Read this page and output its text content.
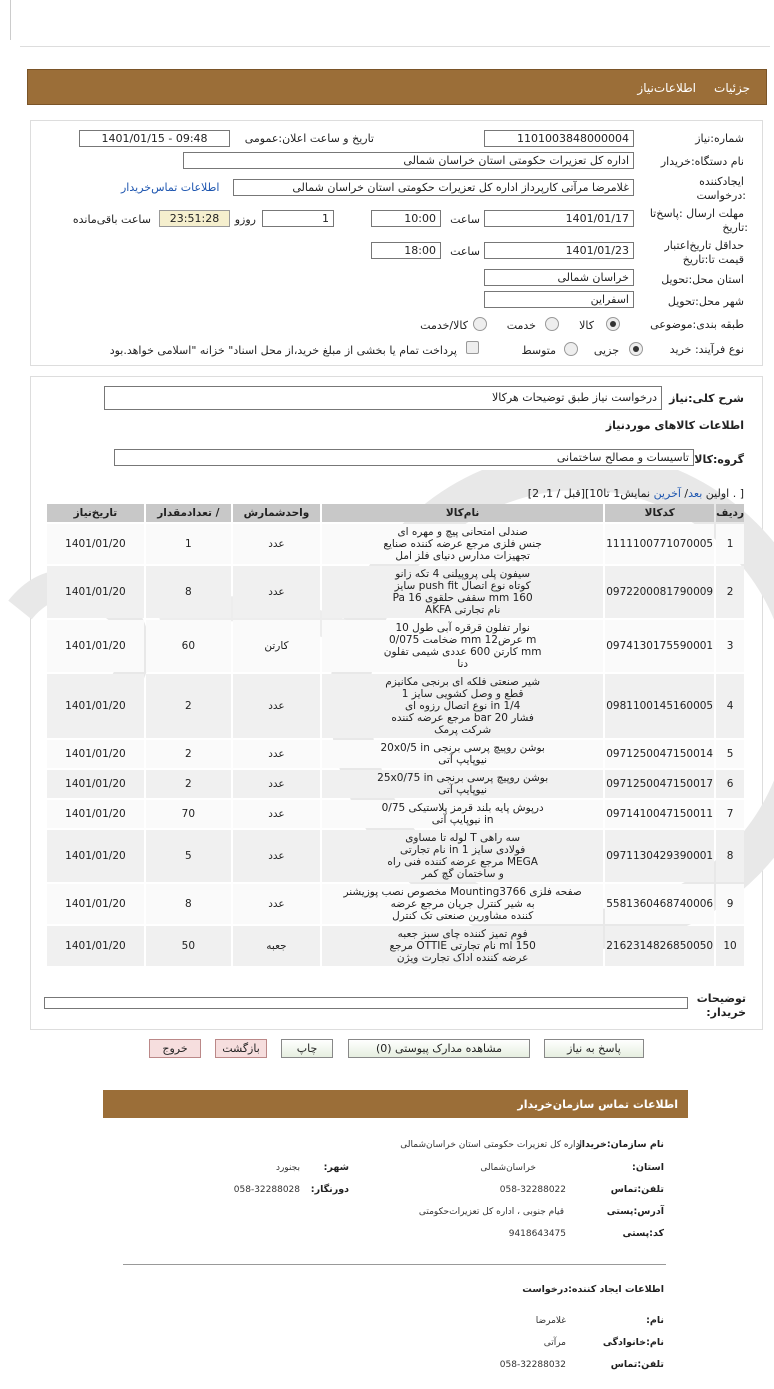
جزئیات
اطلاعات‌نیاز
شماره:نیاز
1101003848000004
تاریخ و ساعت اعلان:عمومی
1401/01/15 - 09:48
نام دستگاه:خریدار
اداره کل تعزیرات حکومتی استان خراسان شمالی
ایجادکننده
درخواست:
غلامرضا مرآتی کارپرداز اداره کل تعزیرات حکومتی استان خراسان شمالی
اطلاعات تماس‌خریدار
مهلت ارسال :پاسخ‌تا
تاریخ:
1401/01/17
ساعت
10:00
1
روزو
23:51:28
ساعت باقی‌مانده
حداقل تاریخ‌اعتبار
قیمت تا:تاریخ
1401/01/23
ساعت
18:00
استان محل:تحویل
خراسان شمالی
شهر محل:تحویل
اسفراین
طبقه بندی:موضوعی
کالا
خدمت
کالا/خدمت
نوع فرآیند: خرید
جزیی
متوسط
پرداخت تمام یا بخشی از مبلغ خرید،از محل اسناد" خزانه "اسلامی خواهد.بود
شرح کلی:نیاز
درخواست نیاز طبق توضیحات هرکالا
اطلاعات کالاهای موردنیاز
گروه:کالا
تاسیسات و مصالح ساختمانی
[2 ,1 / قبل][اولین بعد/ آخرین نمایش1 تا10 . ]
ردیف	کدکالا	نام‌کالا	واحدشمارش	/ تعدادمقدار	تاریخ‌نیاز
1	1111100771070005	صندلی امتحانی پیچ و مهره ای
جنس فلزی مرجع عرضه کننده صنایع
تجهیزات مدارس دنیای فلز امل	عدد	1	1401/01/20
2	0972200081790009	سیفون پلی پروپیلنی 4 تکه زانو
کوتاه نوع اتصال push fit سایز
160 mm سقفی حلقوی 16 Pa
نام تجارتی AKFA	عدد	8	1401/01/20
3	0974130175590001	نوار تفلون قرقره آبی طول 10
m عرض12 mm ضخامت 0/075
mm کارتن 600 عددی شیمی تفلون
دنا	کارتن	60	1401/01/20
4	0981100145160005	شیر صنعتی فلکه ای برنجی مکانیزم
قطع و وصل کشویی سایز 1
1/4 in نوع اتصال رزوه ای
فشار 20 bar مرجع عرضه کننده
شرکت پرمک	عدد	2	1401/01/20
5	0971250047150014	بوشن روپیچ پرسی برنجی 20x0/5 in
نیوپایپ آتی	عدد	2	1401/01/20
6	0971250047150017	بوشن روپیچ پرسی برنجی 25x0/75 in
نیوپایپ آتی	عدد	2	1401/01/20
7	0971410047150011	درپوش پایه بلند قرمز پلاستیکی 0/75
in نیوپایپ آتی	عدد	70	1401/01/20
8	0971130429390001	سه راهی T لوله تا مساوی
فولادی سایز 1 in نام تجارتی
MEGA مرجع عرضه کننده فنی راه
و ساختمان گچ کمر	عدد	5	1401/01/20
9	5581360468740006	صفحه فلزی Mounting3766 مخصوص نصب پوزیشنر
به شیر کنترل جریان مرجع عرضه
کننده مشاورین صنعتی تک کنترل	عدد	8	1401/01/20
10	2162314826850050	فوم تمیز کننده چای سبز جعبه
150 ml نام تجارتی OTTIE مرجع
عرضه کننده اداک تجارت ویژن	جعبه	50	1401/01/20
توضیحات
:خریدار
پاسخ به نیاز
مشاهده مدارک پیوستی (0)
چاپ
بازگشت
خروج
اطلاعات تماس سازمان‌خریدار
نام سازمان:خریدار
اداره کل تعزیرات حکومتی استان خراسان‌شمالی
:استان
خراسان‌شمالی
:شهر
بجنورد
تلفن:تماس
058-32288022
:دورنگار
058-32288028
آدرس:پستی
قیام جنوبی ، اداره کل تعزیرات‌حکومتی
کد:پستی
9418643475
اطلاعات ایجاد کننده:درخواست
:نام
غلامرضا
نام:خانوادگی
مرآتی
تلفن:تماس
058-32288032
